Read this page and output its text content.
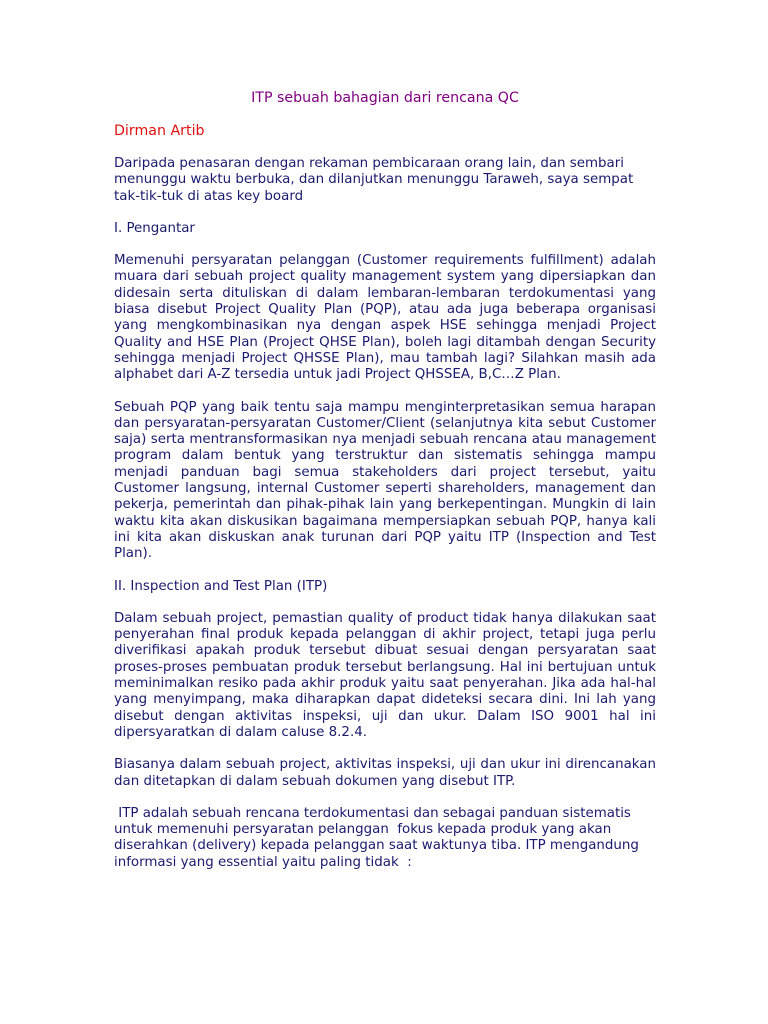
ITP sebuah bahagian dari rencana QC
Dirman Artib
Daripada penasaran dengan rekaman pembicaraan orang lain, dan sembari menunggu waktu berbuka, dan dilanjutkan menunggu Taraweh, saya sempat tak-tik-tuk di atas key board
I. Pengantar
Memenuhi persyaratan pelanggan (Customer requirements fulfillment) adalah muara dari sebuah project quality management system yang dipersiapkan dan didesain serta dituliskan di dalam lembaran-lembaran terdokumentasi yang biasa disebut Project Quality Plan (PQP), atau ada juga beberapa organisasi yang mengkombinasikan nya dengan aspek HSE sehingga menjadi Project Quality and HSE Plan (Project QHSE Plan), boleh lagi ditambah dengan Security sehingga menjadi Project QHSSE Plan), mau tambah lagi? Silahkan masih ada alphabet dari A-Z tersedia untuk jadi Project QHSSEA, B,C…Z Plan.
Sebuah PQP yang baik tentu saja mampu menginterpretasikan semua harapan dan persyaratan-persyaratan Customer/Client (selanjutnya kita sebut Customer saja) serta mentransformasikan nya menjadi sebuah rencana atau management program dalam bentuk yang terstruktur dan sistematis sehingga mampu menjadi panduan bagi semua stakeholders dari project tersebut, yaitu Customer langsung, internal Customer seperti shareholders, management dan pekerja, pemerintah dan pihak-pihak lain yang berkepentingan. Mungkin di lain waktu kita akan diskusikan bagaimana mempersiapkan sebuah PQP, hanya kali ini kita akan diskuskan anak turunan dari PQP yaitu ITP (Inspection and Test Plan).
II. Inspection and Test Plan (ITP)
Dalam sebuah project, pemastian quality of product tidak hanya dilakukan saat penyerahan final produk kepada pelanggan di akhir project, tetapi juga perlu diverifikasi apakah produk tersebut dibuat sesuai dengan persyaratan saat proses-proses pembuatan produk tersebut berlangsung. Hal ini bertujuan untuk meminimalkan resiko pada akhir produk yaitu saat penyerahan. Jika ada hal-hal yang menyimpang, maka diharapkan dapat dideteksi secara dini. Ini lah yang disebut dengan aktivitas inspeksi, uji dan ukur. Dalam ISO 9001 hal ini dipersyaratkan di dalam caluse 8.2.4.
Biasanya dalam sebuah project, aktivitas inspeksi, uji dan ukur ini direncanakan dan ditetapkan di dalam sebuah dokumen yang disebut ITP.
ITP adalah sebuah rencana terdokumentasi dan sebagai panduan sistematis untuk memenuhi persyaratan pelanggan  fokus kepada produk yang akan diserahkan (delivery) kepada pelanggan saat waktunya tiba. ITP mengandung informasi yang essential yaitu paling tidak  :
